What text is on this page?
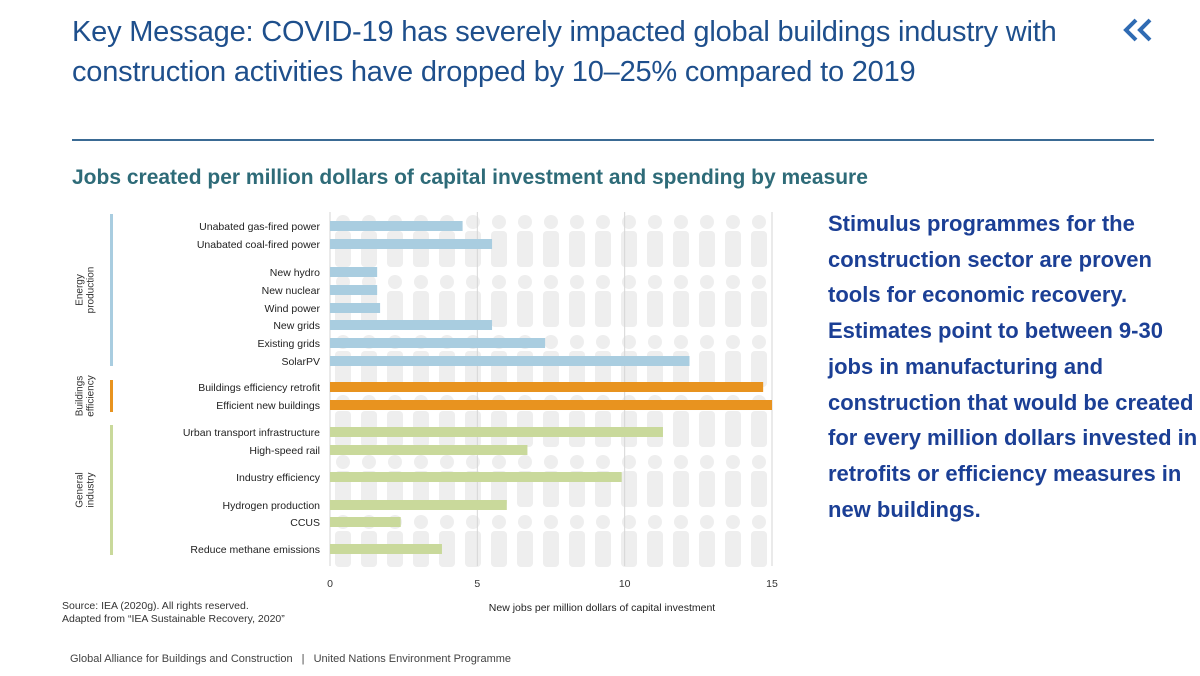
Key Message: COVID-19 has severely impacted global buildings industry with construction activities have dropped by 10–25% compared to 2019
Jobs created per million dollars of capital investment and spending by measure
Unabated gas-fired power
Unabated coal-fired power
New hydro
New nuclear
Wind power
New grids
Existing grids
SolarPV
Buildings efficiency retrofit
Efficient new buildings
Urban transport infrastructure
High-speed rail
Industry efficiency
Hydrogen production
CCUS
Reduce methane emissions
Energyproduction
Buildingsefficiency
Generalindustry
0	5	10	15
New jobs per million dollars of capital investment
Stimulus programmes for the construction sector are proven tools for economic recovery. Estimates point to between 9-30 jobs in manufacturing and construction that would be created for every million dollars invested in retrofits or efficiency measures in new buildings.
Source: IEA (2020g). All rights reserved.
Adapted from “IEA Sustainable Recovery, 2020”
Global Alliance for Buildings and Construction | United Nations Environment Programme
